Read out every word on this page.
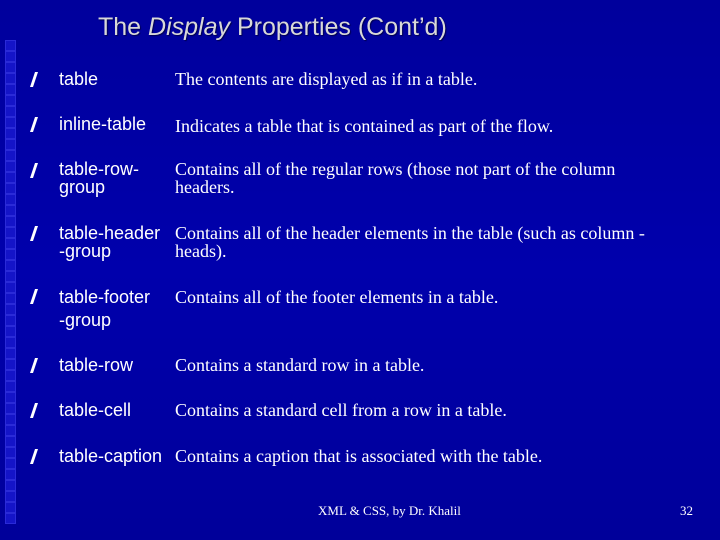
The Display Properties (Cont’d)
table	The contents are displayed as if in a table.
inline-table Indicates a table that is contained as part of the flow.
table-row-
group
Contains all of the regular rows (those not part of the column
headers.
table-header
-group
Contains all of the header elements in the table (such as column -
heads).
table-footer
-group
Contains all of the footer elements in a table.
table-row Contains a standard row in a table.
table-cell Contains a standard cell from a row in a table.
table-caption Contains a caption that is associated with the table.
XML & CSS, by Dr. Khalil	32
